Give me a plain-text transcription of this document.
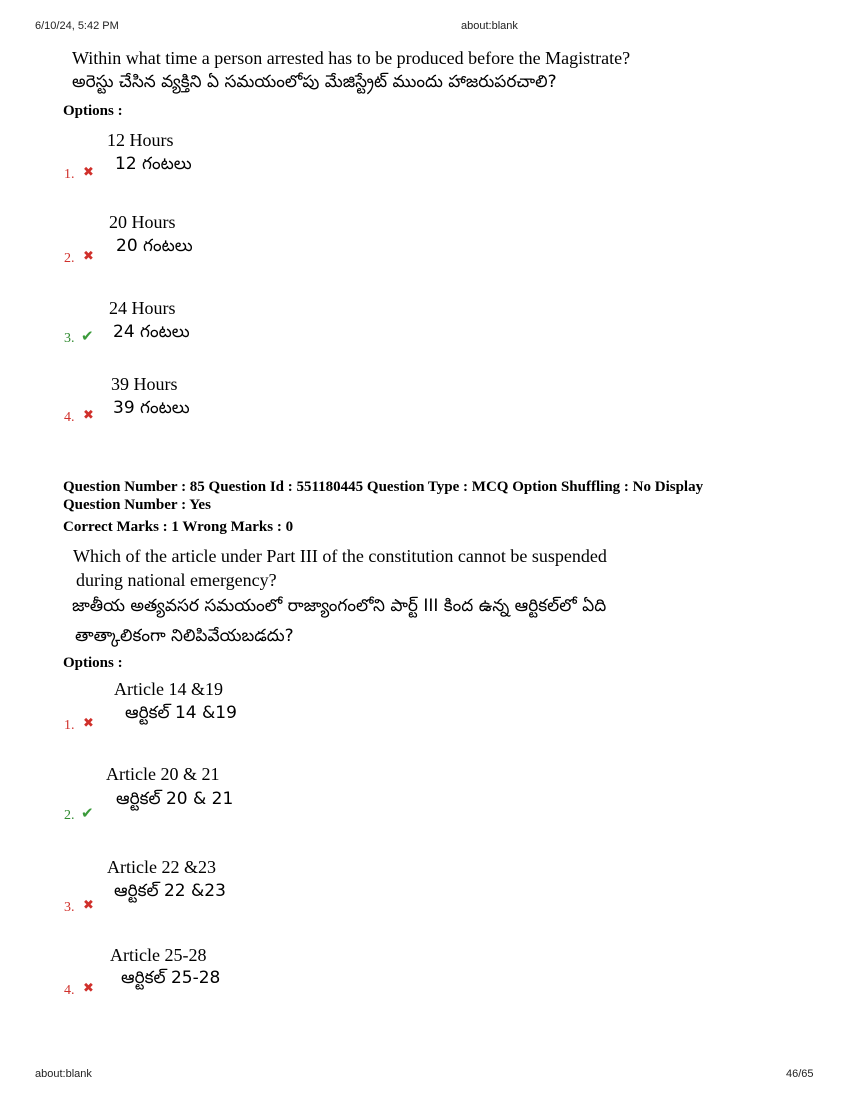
6/10/24, 5:42 PM	about:blank
Within what time a person arrested has to be produced before the Magistrate?
అరెస్టు చేసిన వ్యక్తిని ఏ సమయంలోపు మేజిస్ట్రేట్ ముందు హాజరుపరచాలి?
Options :
12 Hours
12 గంటలు
1. ✖
20 Hours
20 గంటలు
2. ✖
24 Hours
24 గంటలు
3. ✔
39 Hours
39 గంటలు
4. ✖
Question Number : 85 Question Id : 551180445 Question Type : MCQ Option Shuffling : No Display
Question Number : Yes
Correct Marks : 1 Wrong Marks : 0
Which of the article under Part III of the constitution cannot be suspended
during national emergency?
జాతీయ అత్యవసర సమయంలో రాజ్యాంగంలోని పార్ట్ III కింద ఉన్న ఆర్టికల్‌లో ఏది
తాత్కాలికంగా నిలిపివేయబడదు?
Options :
Article 14 &19
ఆర్టికల్ 14 &19
1. ✖
Article 20 & 21
ఆర్టికల్ 20 & 21
2. ✔
Article 22 &23
ఆర్టికల్ 22 &23
3. ✖
Article 25-28
ఆర్టికల్ 25-28
4. ✖
about:blank	46/65
